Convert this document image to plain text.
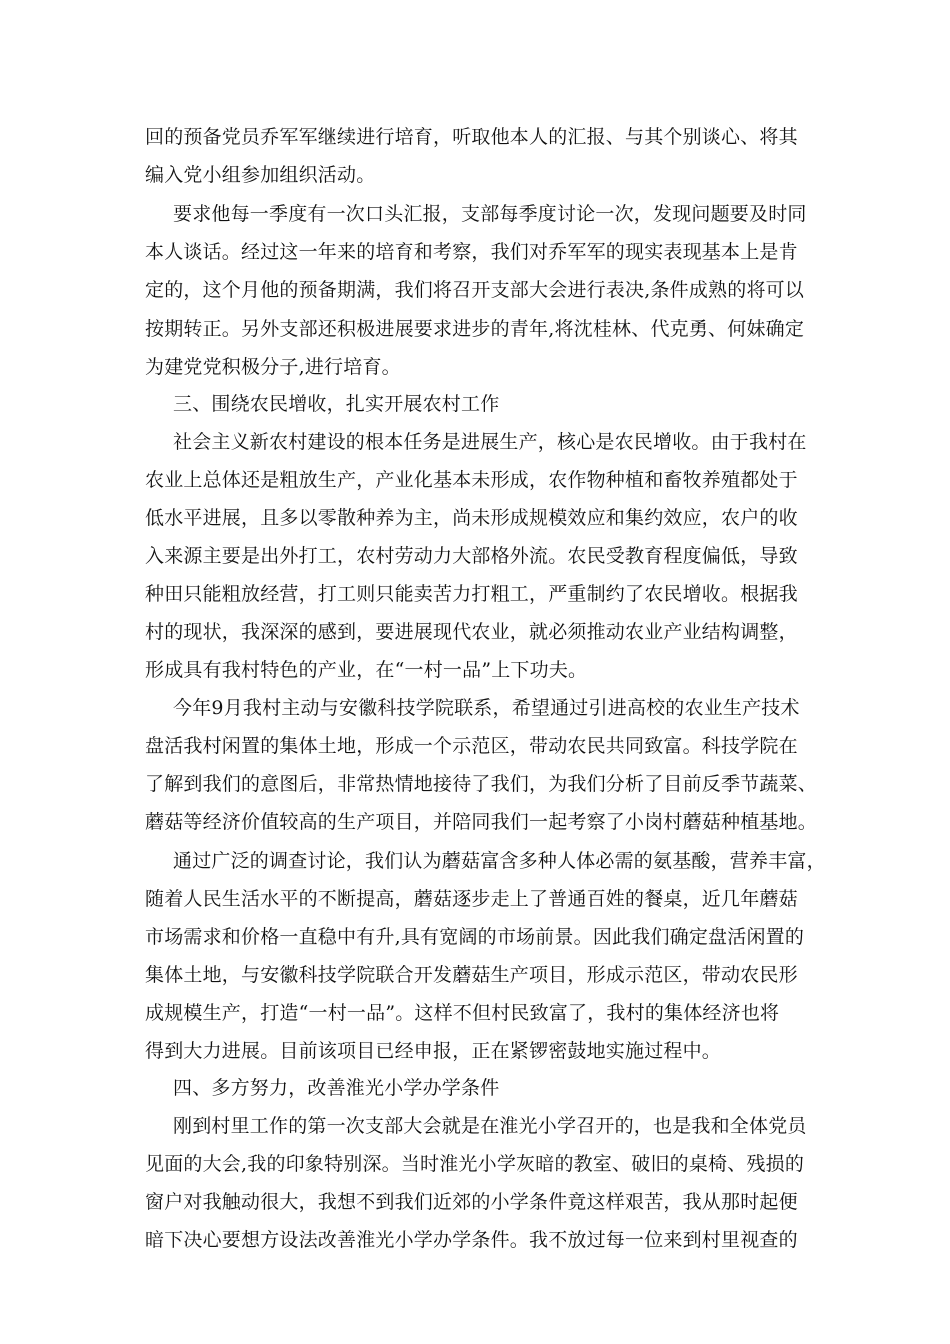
回的预备党员乔军军继续进行培育，听取他本人的汇报、与其个别谈心、将其
编入党小组参加组织活动。
要求他每一季度有一次口头汇报，支部每季度讨论一次，发现问题要及时同
本人谈话。经过这一年来的培育和考察，我们对乔军军的现实表现基本上是肯
定的，这个月他的预备期满，我们将召开支部大会进行表决,条件成熟的将可以
按期转正。另外支部还积极进展要求进步的青年,将沈桂林、代克勇、何妹确定
为建党党积极分子,进行培育。
三、围绕农民增收，扎实开展农村工作
社会主义新农村建设的根本任务是进展生产，核心是农民增收。由于我村在
农业上总体还是粗放生产，产业化基本未形成，农作物种植和畜牧养殖都处于
低水平进展，且多以零散种养为主，尚未形成规模效应和集约效应，农户的收
入来源主要是出外打工，农村劳动力大部格外流。农民受教育程度偏低，导致
种田只能粗放经营，打工则只能卖苦力打粗工，严重制约了农民增收。根据我
村的现状，我深深的感到，要进展现代农业，就必须推动农业产业结构调整，
形成具有我村特色的产业，在“一村一品”上下功夫。
今年9月我村主动与安徽科技学院联系，希望通过引进高校的农业生产技术
盘活我村闲置的集体土地，形成一个示范区，带动农民共同致富。科技学院在
了解到我们的意图后，非常热情地接待了我们，为我们分析了目前反季节蔬菜、
蘑菇等经济价值较高的生产项目，并陪同我们一起考察了小岗村蘑菇种植基地。
通过广泛的调查讨论，我们认为蘑菇富含多种人体必需的氨基酸，营养丰富，
随着人民生活水平的不断提高，蘑菇逐步走上了普通百姓的餐桌，近几年蘑菇
市场需求和价格一直稳中有升,具有宽阔的市场前景。因此我们确定盘活闲置的
集体土地，与安徽科技学院联合开发蘑菇生产项目，形成示范区，带动农民形
成规模生产，打造“一村一品”。这样不但村民致富了，我村的集体经济也将
得到大力进展。目前该项目已经申报，正在紧锣密鼓地实施过程中。
四、多方努力，改善淮光小学办学条件
刚到村里工作的第一次支部大会就是在淮光小学召开的，也是我和全体党员
见面的大会,我的印象特别深。当时淮光小学灰暗的教室、破旧的桌椅、残损的
窗户对我触动很大，我想不到我们近郊的小学条件竟这样艰苦，我从那时起便
暗下决心要想方设法改善淮光小学办学条件。我不放过每一位来到村里视查的
